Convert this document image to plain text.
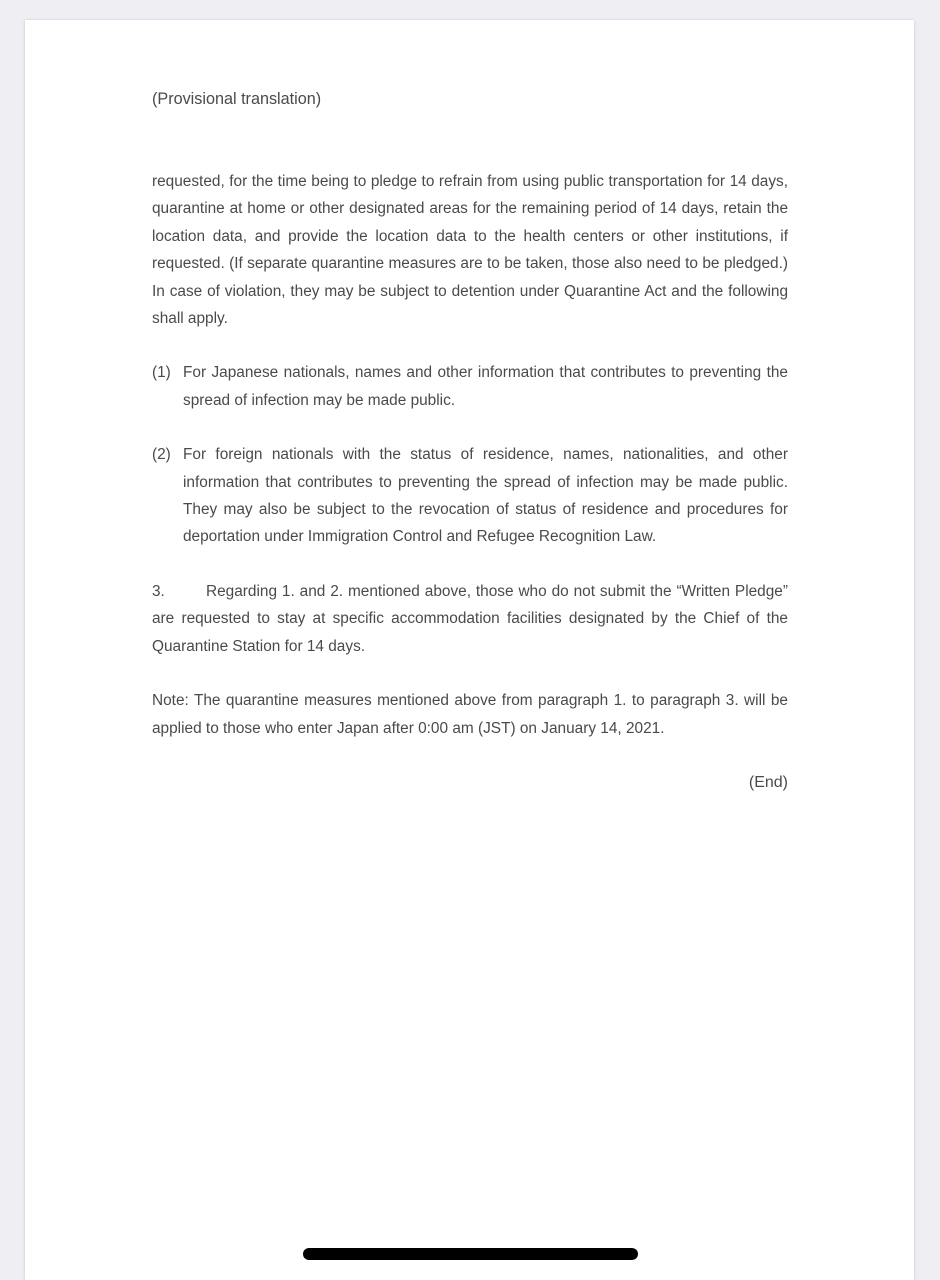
(Provisional translation)

requested, for the time being to pledge to refrain from using public transportation for 14 days, quarantine at home or other designated areas for the remaining period of 14 days, retain the location data, and provide the location data to the health centers or other institutions, if requested. (If separate quarantine measures are to be taken, those also need to be pledged.) In case of violation, they may be subject to detention under Quarantine Act and the following shall apply.

(1) For Japanese nationals, names and other information that contributes to preventing the spread of infection may be made public.
(2) For foreign nationals with the status of residence, names, nationalities, and other information that contributes to preventing the spread of infection may be made public. They may also be subject to the revocation of status of residence and procedures for deportation under Immigration Control and Refugee Recognition Law.

3.	Regarding 1. and 2. mentioned above, those who do not submit the “Written Pledge” are requested to stay at specific accommodation facilities designated by the Chief of the Quarantine Station for 14 days.

Note: The quarantine measures mentioned above from paragraph 1. to paragraph 3. will be applied to those who enter Japan after 0:00 am (JST) on January 14, 2021.

(End)
